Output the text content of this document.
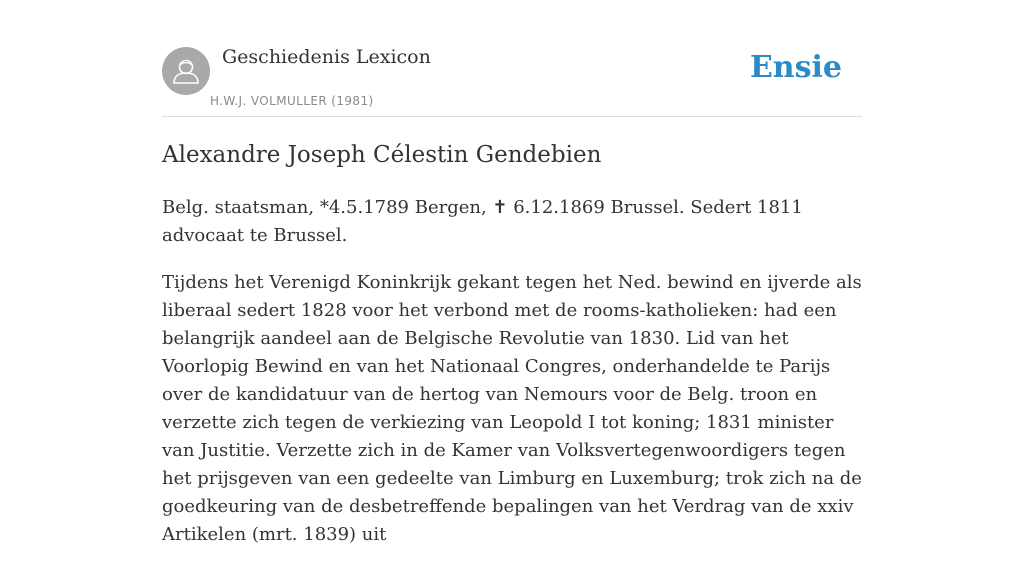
Geschiedenis Lexicon
H.W.J. VOLMULLER (1981)
Ensie
Alexandre Joseph Célestin Gendebien

Belg. staatsman, *4.5.1789 Bergen, ✝ 6.12.1869 Brussel. Sedert 1811 advocaat te Brussel.

Tijdens het Verenigd Koninkrijk gekant tegen het Ned. bewind en ijverde als liberaal sedert 1828 voor het verbond met de rooms-katholieken: had een belangrijk aandeel aan de Belgische Revolutie van 1830. Lid van het Voorlopig Bewind en van het Nationaal Congres, onderhandelde te Parijs over de kandidatuur van de hertog van Nemours voor de Belg. troon en verzette zich tegen de verkiezing van Leopold I tot koning; 1831 minister van Justitie. Verzette zich in de Kamer van Volksvertegenwoordigers tegen het prijsgeven van een gedeelte van Limburg en Luxemburg; trok zich na de goedkeuring van de desbetreffende bepalingen van het Verdrag van de xxiv Artikelen (mrt. 1839) uit
